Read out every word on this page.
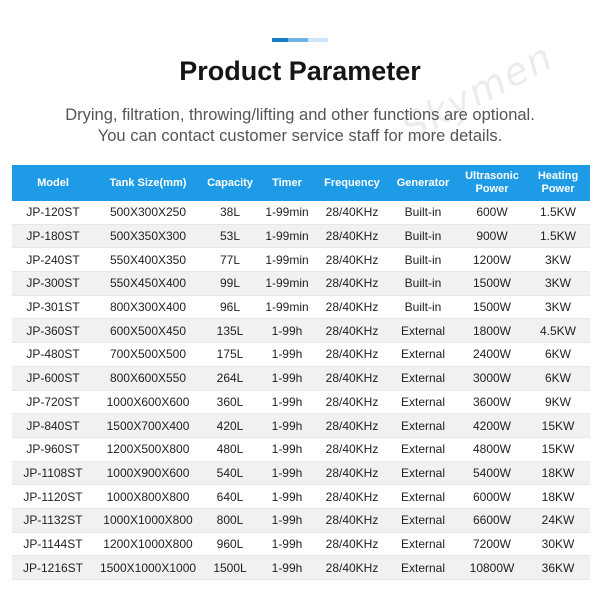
Skymen
Product Parameter
Drying, filtration, throwing/lifting and other functions are optional.
You can contact customer service staff for more details.
Model	Tank Size(mm)	Capacity	Timer	Frequency	Generator	Ultrasonic Power	Heating Power
JP-120ST	500X300X250	38L	1-99min	28/40KHz	Built-in	600W	1.5KW
JP-180ST	500X350X300	53L	1-99min	28/40KHz	Built-in	900W	1.5KW
JP-240ST	550X400X350	77L	1-99min	28/40KHz	Built-in	1200W	3KW
JP-300ST	550X450X400	99L	1-99min	28/40KHz	Built-in	1500W	3KW
JP-301ST	800X300X400	96L	1-99min	28/40KHz	Built-in	1500W	3KW
JP-360ST	600X500X450	135L	1-99h	28/40KHz	External	1800W	4.5KW
JP-480ST	700X500X500	175L	1-99h	28/40KHz	External	2400W	6KW
JP-600ST	800X600X550	264L	1-99h	28/40KHz	External	3000W	6KW
JP-720ST	1000X600X600	360L	1-99h	28/40KHz	External	3600W	9KW
JP-840ST	1500X700X400	420L	1-99h	28/40KHz	External	4200W	15KW
JP-960ST	1200X500X800	480L	1-99h	28/40KHz	External	4800W	15KW
JP-1108ST	1000X900X600	540L	1-99h	28/40KHz	External	5400W	18KW
JP-1120ST	1000X800X800	640L	1-99h	28/40KHz	External	6000W	18KW
JP-1132ST	1000X1000X800	800L	1-99h	28/40KHz	External	6600W	24KW
JP-1144ST	1200X1000X800	960L	1-99h	28/40KHz	External	7200W	30KW
JP-1216ST	1500X1000X1000	1500L	1-99h	28/40KHz	External	10800W	36KW
